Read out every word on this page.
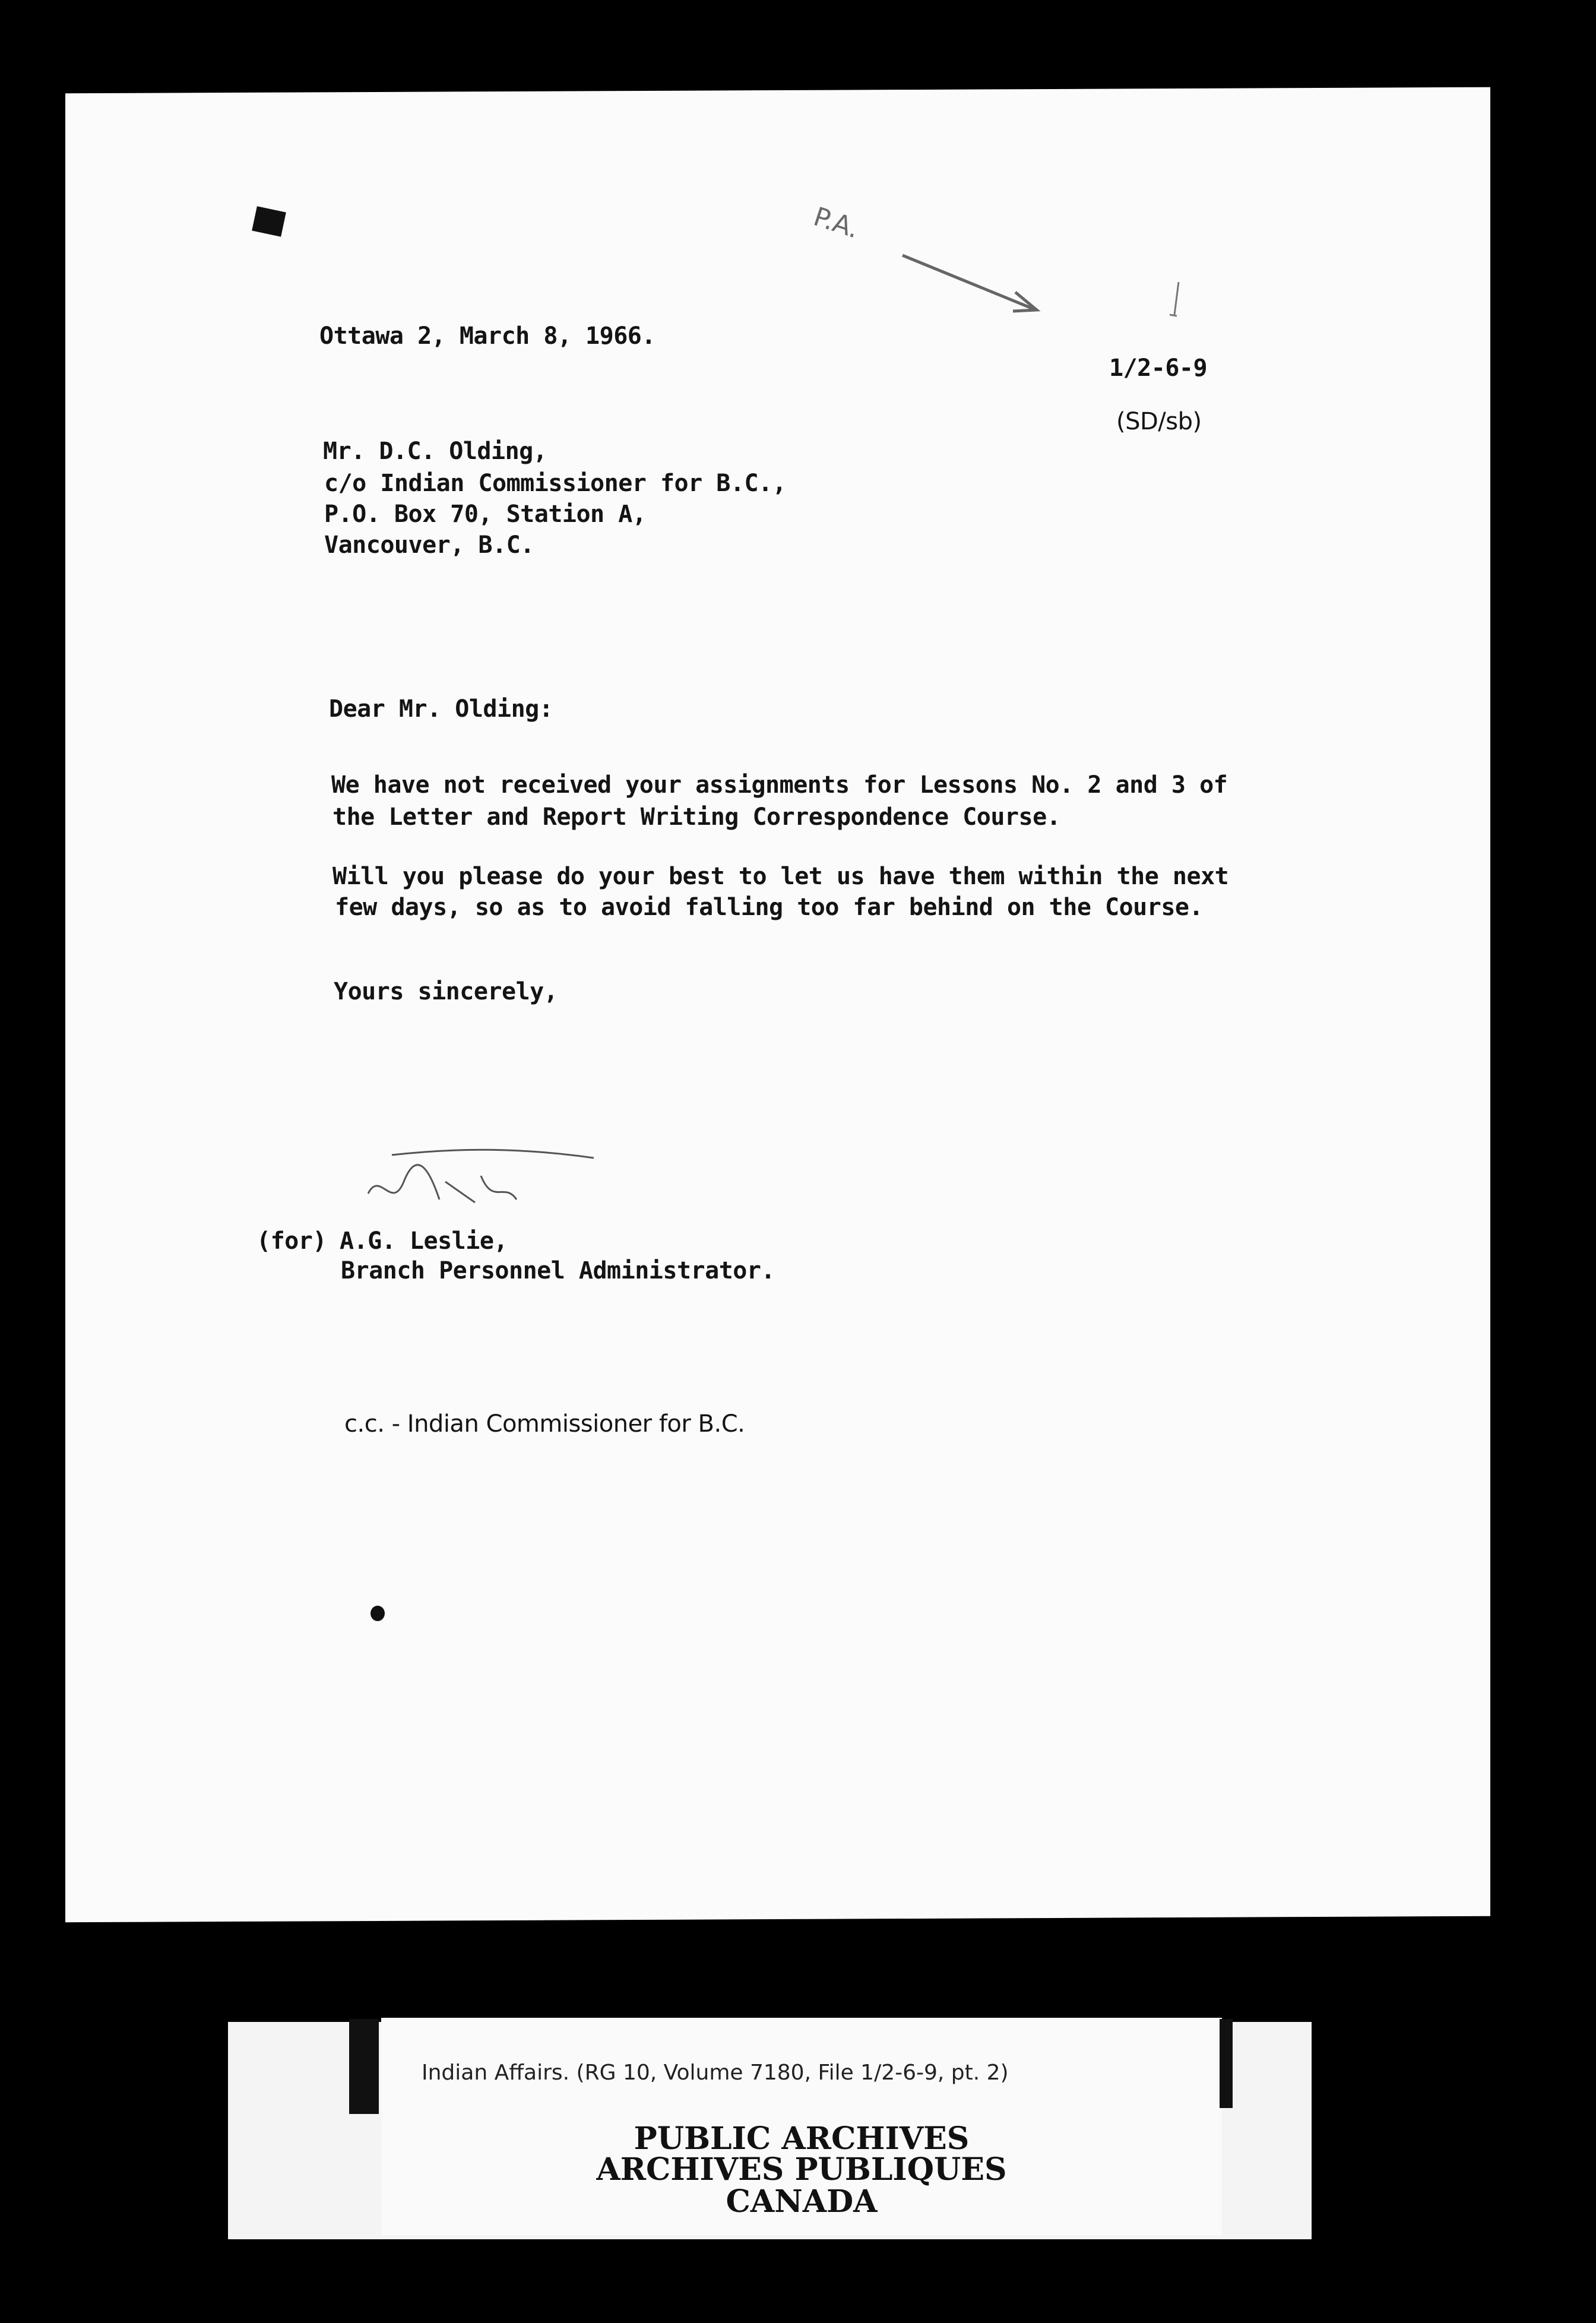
P.A.
Ottawa 2, March 8, 1966.
1/2-6-9
(SD/sb)
Mr. D.C. Olding,
c/o Indian Commissioner for B.C.,
P.O. Box 70, Station A,
Vancouver, B.C.
Dear Mr. Olding:
We have not received your assignments for Lessons No. 2 and 3 of
the Letter and Report Writing Correspondence Course.
Will you please do your best to let us have them within the next
few days, so as to avoid falling too far behind on the Course.
Yours sincerely,
(for) A.G. Leslie,
Branch Personnel Administrator.
c.c. - Indian Commissioner for B.C.
Indian Affairs. (RG 10, Volume 7180, File 1/2-6-9, pt. 2)
PUBLIC ARCHIVES
ARCHIVES PUBLIQUES
CANADA
